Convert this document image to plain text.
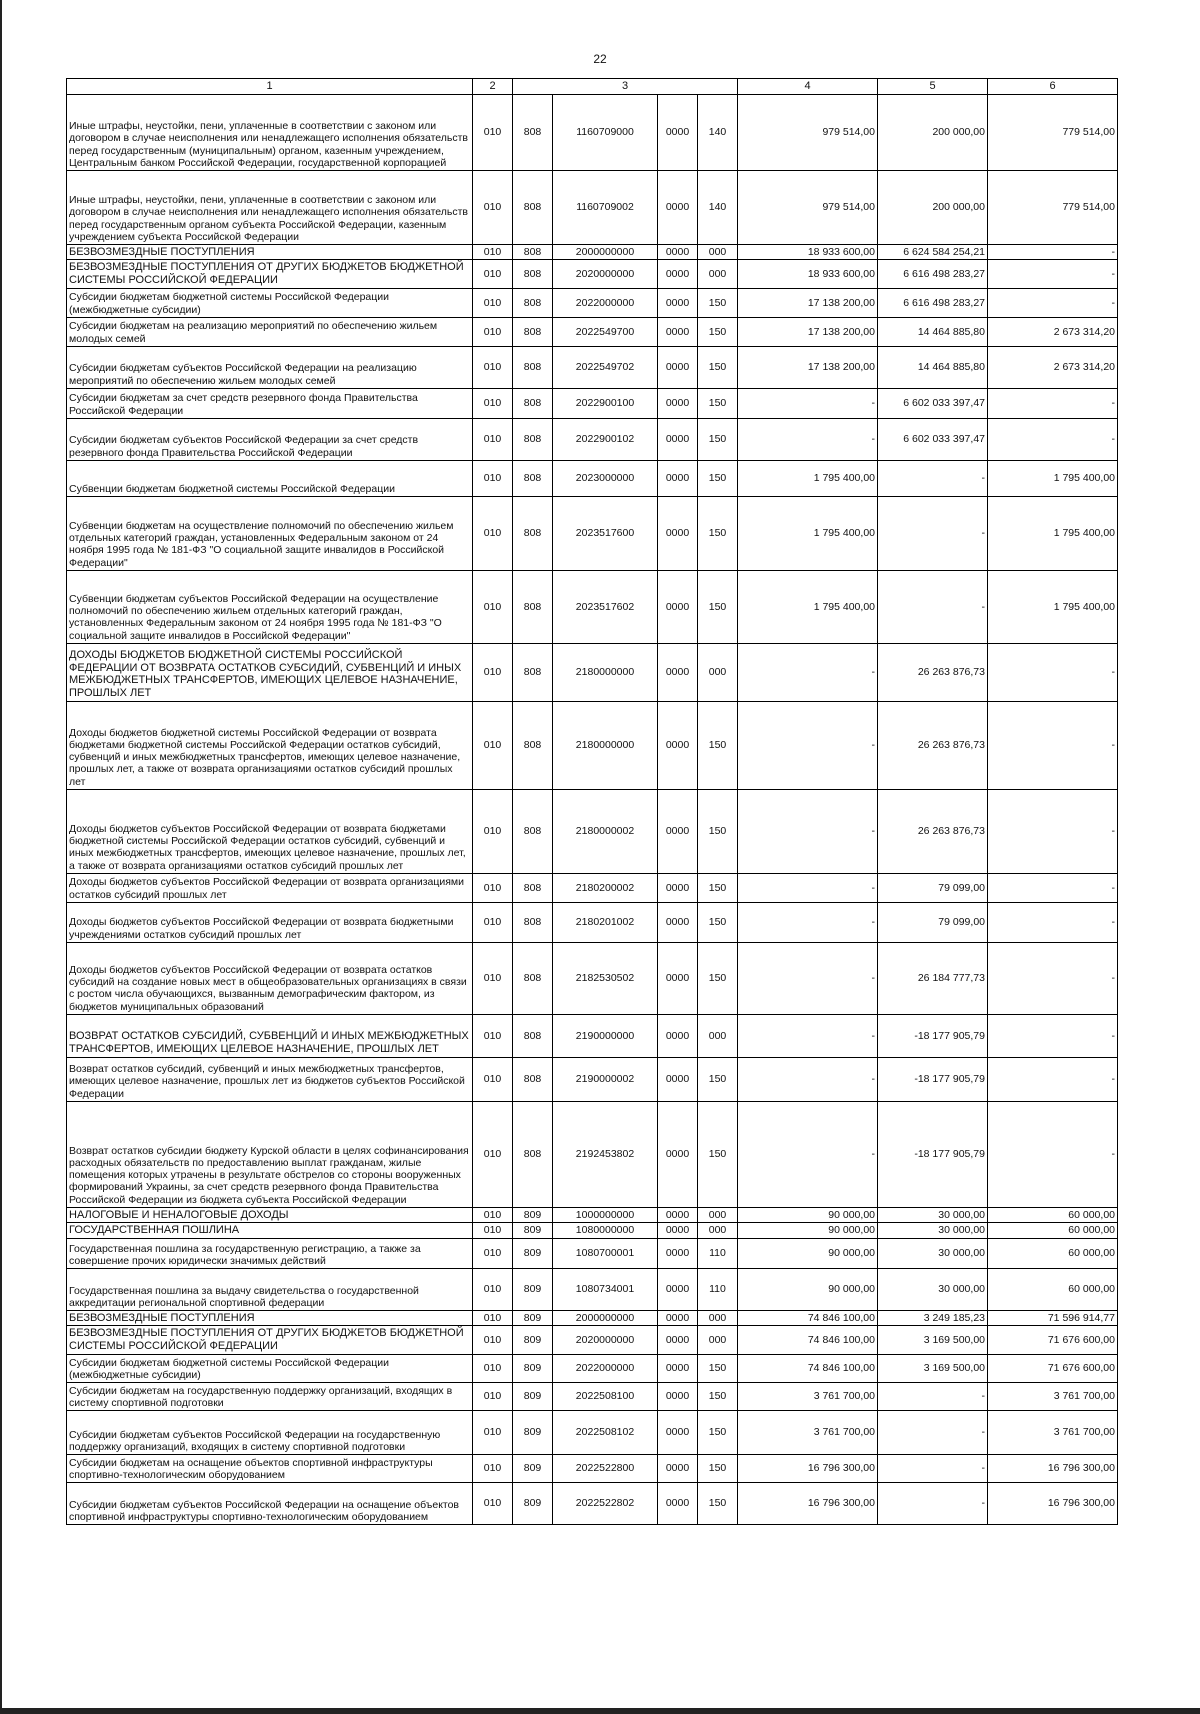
22
1	2	3				4	5	6
Иные штрафы, неустойки, пени, уплаченные в соответствии с законом или договором в случае неисполнения или ненадлежащего исполнения обязательств перед государственным (муниципальным) органом, казенным учреждением, Центральным банком Российской Федерации, государственной корпорацией	010	808	1160709000	0000	140	979 514,00	200 000,00	779 514,00
Иные штрафы, неустойки, пени, уплаченные в соответствии с законом или договором в случае неисполнения или ненадлежащего исполнения обязательств перед государственным органом субъекта Российской Федерации, казенным учреждением субъекта Российской Федерации	010	808	1160709002	0000	140	979 514,00	200 000,00	779 514,00
БЕЗВОЗМЕЗДНЫЕ ПОСТУПЛЕНИЯ	010	808	2000000000	0000	000	18 933 600,00	6 624 584 254,21	-
БЕЗВОЗМЕЗДНЫЕ ПОСТУПЛЕНИЯ ОТ ДРУГИХ БЮДЖЕТОВ БЮДЖЕТНОЙ СИСТЕМЫ РОССИЙСКОЙ ФЕДЕРАЦИИ	010	808	2020000000	0000	000	18 933 600,00	6 616 498 283,27	-
Субсидии бюджетам бюджетной системы Российской Федерации (межбюджетные субсидии)	010	808	2022000000	0000	150	17 138 200,00	6 616 498 283,27	-
Субсидии бюджетам на реализацию мероприятий по обеспечению жильем молодых семей	010	808	2022549700	0000	150	17 138 200,00	14 464 885,80	2 673 314,20
Субсидии бюджетам субъектов Российской Федерации на реализацию мероприятий по обеспечению жильем молодых семей	010	808	2022549702	0000	150	17 138 200,00	14 464 885,80	2 673 314,20
Субсидии бюджетам за счет средств резервного фонда Правительства Российской Федерации	010	808	2022900100	0000	150	-	6 602 033 397,47	-
Субсидии бюджетам субъектов Российской Федерации за счет средств резервного фонда Правительства Российской Федерации	010	808	2022900102	0000	150	-	6 602 033 397,47	-
Субвенции бюджетам бюджетной системы Российской Федерации	010	808	2023000000	0000	150	1 795 400,00	-	1 795 400,00
Субвенции бюджетам на осуществление полномочий по обеспечению жильем отдельных категорий граждан, установленных Федеральным законом от 24 ноября 1995 года № 181-ФЗ "О социальной защите инвалидов в Российской Федерации"	010	808	2023517600	0000	150	1 795 400,00	-	1 795 400,00
Субвенции бюджетам субъектов Российской Федерации на осуществление полномочий по обеспечению жильем отдельных категорий граждан, установленных Федеральным законом от 24 ноября 1995 года № 181-ФЗ "О социальной защите инвалидов в Российской Федерации"	010	808	2023517602	0000	150	1 795 400,00	-	1 795 400,00
ДОХОДЫ БЮДЖЕТОВ БЮДЖЕТНОЙ СИСТЕМЫ РОССИЙСКОЙ ФЕДЕРАЦИИ ОТ ВОЗВРАТА ОСТАТКОВ СУБСИДИЙ, СУБВЕНЦИЙ И ИНЫХ МЕЖБЮДЖЕТНЫХ ТРАНСФЕРТОВ, ИМЕЮЩИХ ЦЕЛЕВОЕ НАЗНАЧЕНИЕ, ПРОШЛЫХ ЛЕТ	010	808	2180000000	0000	000	-	26 263 876,73	-
Доходы бюджетов бюджетной системы Российской Федерации от возврата бюджетами бюджетной системы Российской Федерации остатков субсидий, субвенций и иных межбюджетных трансфертов, имеющих целевое назначение, прошлых лет, а также от возврата организациями остатков субсидий прошлых лет	010	808	2180000000	0000	150	-	26 263 876,73	-
Доходы бюджетов субъектов Российской Федерации от возврата бюджетами бюджетной системы Российской Федерации остатков субсидий, субвенций и иных межбюджетных трансфертов, имеющих целевое назначение, прошлых лет, а также от возврата организациями остатков субсидий прошлых лет	010	808	2180000002	0000	150	-	26 263 876,73	-
Доходы бюджетов субъектов Российской Федерации от возврата организациями остатков субсидий прошлых лет	010	808	2180200002	0000	150	-	79 099,00	-
Доходы бюджетов субъектов Российской Федерации от возврата бюджетными учреждениями остатков субсидий прошлых лет	010	808	2180201002	0000	150	-	79 099,00	-
Доходы бюджетов субъектов Российской Федерации от возврата остатков субсидий на создание новых мест в общеобразовательных организациях в связи с ростом числа обучающихся, вызванным демографическим фактором, из бюджетов муниципальных образований	010	808	2182530502	0000	150	-	26 184 777,73	-
ВОЗВРАТ ОСТАТКОВ СУБСИДИЙ, СУБВЕНЦИЙ И ИНЫХ МЕЖБЮДЖЕТНЫХ ТРАНСФЕРТОВ, ИМЕЮЩИХ ЦЕЛЕВОЕ НАЗНАЧЕНИЕ, ПРОШЛЫХ ЛЕТ	010	808	2190000000	0000	000	-	-18 177 905,79	-
Возврат остатков субсидий, субвенций и иных межбюджетных трансфертов, имеющих целевое назначение, прошлых лет из бюджетов субъектов Российской Федерации	010	808	2190000002	0000	150	-	-18 177 905,79	-
Возврат остатков субсидии бюджету Курской области в целях софинансирования расходных обязательств по предоставлению выплат гражданам, жилые помещения которых утрачены в результате обстрелов со стороны вооруженных формирований Украины, за счет средств резервного фонда Правительства Российской Федерации из бюджета субъекта Российской Федерации	010	808	2192453802	0000	150	-	-18 177 905,79	-
НАЛОГОВЫЕ И НЕНАЛОГОВЫЕ ДОХОДЫ	010	809	1000000000	0000	000	90 000,00	30 000,00	60 000,00
ГОСУДАРСТВЕННАЯ ПОШЛИНА	010	809	1080000000	0000	000	90 000,00	30 000,00	60 000,00
Государственная пошлина за государственную регистрацию, а также за совершение прочих юридически значимых действий	010	809	1080700001	0000	110	90 000,00	30 000,00	60 000,00
Государственная пошлина за выдачу свидетельства о государственной аккредитации региональной спортивной федерации	010	809	1080734001	0000	110	90 000,00	30 000,00	60 000,00
БЕЗВОЗМЕЗДНЫЕ ПОСТУПЛЕНИЯ	010	809	2000000000	0000	000	74 846 100,00	3 249 185,23	71 596 914,77
БЕЗВОЗМЕЗДНЫЕ ПОСТУПЛЕНИЯ ОТ ДРУГИХ БЮДЖЕТОВ БЮДЖЕТНОЙ СИСТЕМЫ РОССИЙСКОЙ ФЕДЕРАЦИИ	010	809	2020000000	0000	000	74 846 100,00	3 169 500,00	71 676 600,00
Субсидии бюджетам бюджетной системы Российской Федерации (межбюджетные субсидии)	010	809	2022000000	0000	150	74 846 100,00	3 169 500,00	71 676 600,00
Субсидии бюджетам на государственную поддержку организаций, входящих в систему спортивной подготовки	010	809	2022508100	0000	150	3 761 700,00	-	3 761 700,00
Субсидии бюджетам субъектов Российской Федерации на государственную поддержку организаций, входящих в систему спортивной подготовки	010	809	2022508102	0000	150	3 761 700,00	-	3 761 700,00
Субсидии бюджетам на оснащение объектов спортивной инфраструктуры спортивно-технологическим оборудованием	010	809	2022522800	0000	150	16 796 300,00	-	16 796 300,00
Субсидии бюджетам субъектов Российской Федерации на оснащение объектов спортивной инфраструктуры спортивно-технологическим оборудованием	010	809	2022522802	0000	150	16 796 300,00	-	16 796 300,00
